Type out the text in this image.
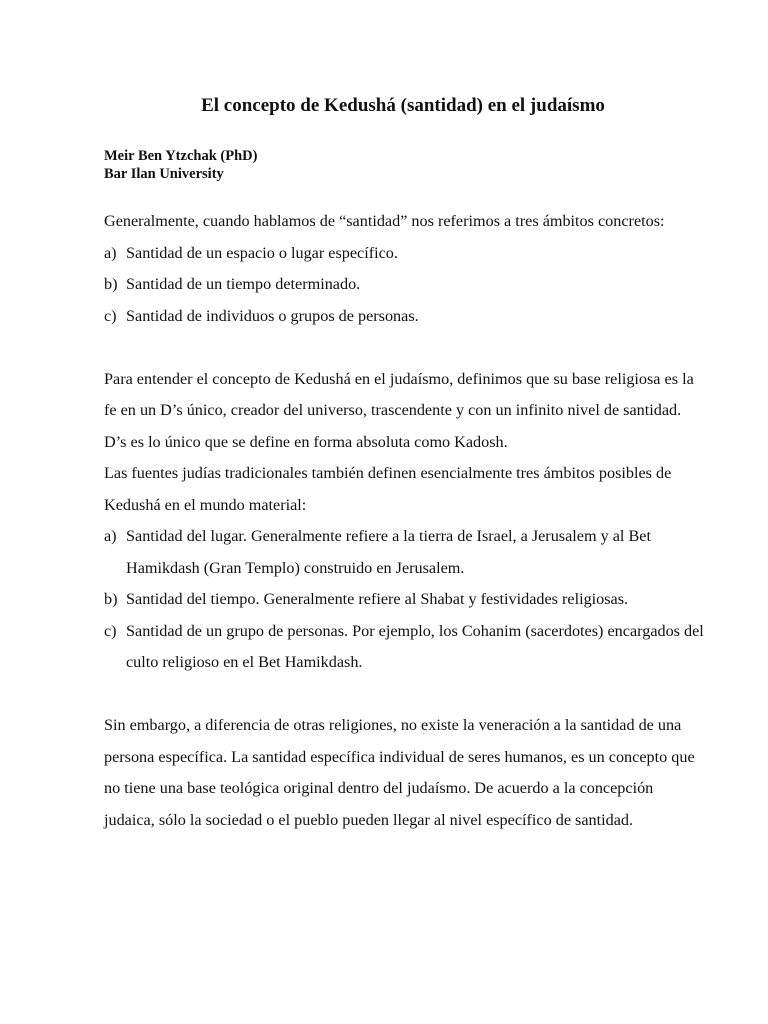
El concepto de Kedushá (santidad) en el judaísmo
Meir Ben Ytzchak (PhD)
Bar Ilan University

Generalmente, cuando hablamos de “santidad” nos referimos a tres ámbitos concretos:

a) Santidad de un espacio o lugar específico.
b) Santidad de un tiempo determinado.
c) Santidad de individuos o grupos de personas.

Para entender el concepto de Kedushá en el judaísmo, definimos que su base religiosa es la fe en un D’s único, creador del universo, trascendente y con un infinito nivel de santidad. D’s es lo único que se define en forma absoluta como Kadosh.

Las fuentes judías tradicionales también definen esencialmente tres ámbitos posibles de Kedushá en el mundo material:

a) Santidad del lugar. Generalmente refiere a la tierra de Israel, a Jerusalem y al Bet Hamikdash (Gran Templo) construido en Jerusalem.
b) Santidad del tiempo. Generalmente refiere al Shabat y festividades religiosas.
c) Santidad de un grupo de personas. Por ejemplo, los Cohanim (sacerdotes) encargados del culto religioso en el Bet Hamikdash.

Sin embargo, a diferencia de otras religiones, no existe la veneración a la santidad de una persona específica. La santidad específica individual de seres humanos, es un concepto que no tiene una base teológica original dentro del judaísmo. De acuerdo a la concepción judaica, sólo la sociedad o el pueblo pueden llegar al nivel específico de santidad.
